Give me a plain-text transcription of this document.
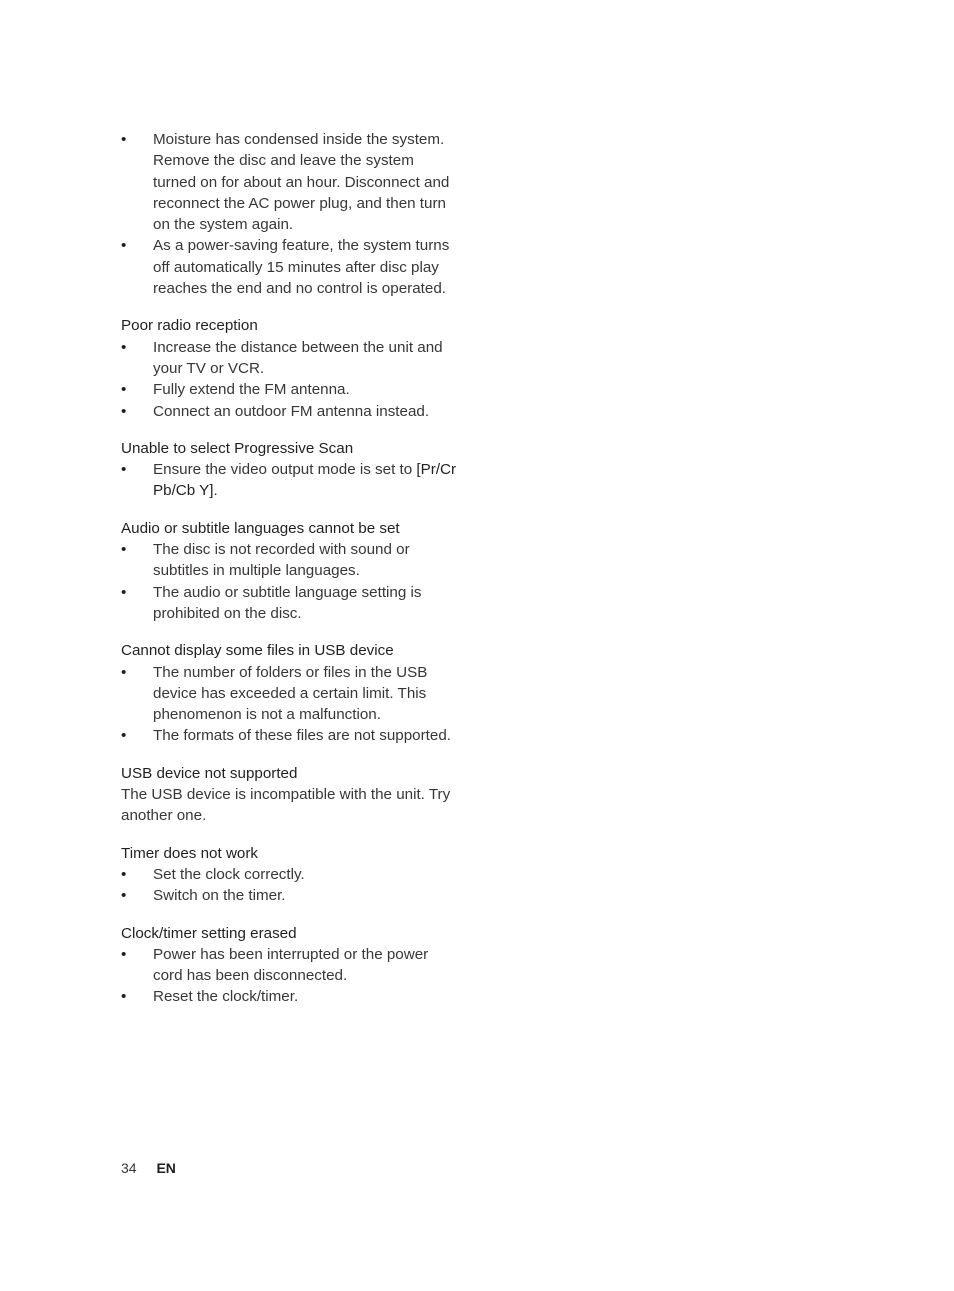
• Moisture has condensed inside the system. Remove the disc and leave the system turned on for about an hour. Disconnect and reconnect the AC power plug, and then turn on the system again.
• As a power-saving feature, the system turns off automatically 15 minutes after disc play reaches the end and no control is operated.

Poor radio reception

• Increase the distance between the unit and your TV or VCR.
• Fully extend the FM antenna.
• Connect an outdoor FM antenna instead.

Unable to select Progressive Scan

• Ensure the video output mode is set to [Pr/Cr Pb/Cb Y].

Audio or subtitle languages cannot be set

• The disc is not recorded with sound or subtitles in multiple languages.
• The audio or subtitle language setting is prohibited on the disc.

Cannot display some files in USB device

• The number of folders or files in the USB device has exceeded a certain limit. This phenomenon is not a malfunction.
• The formats of these files are not supported.

USB device not supported

The USB device is incompatible with the unit. Try another one.

Timer does not work

• Set the clock correctly.
• Switch on the timer.

Clock/timer setting erased

• Power has been interrupted or the power cord has been disconnected.
• Reset the clock/timer.
34 EN
